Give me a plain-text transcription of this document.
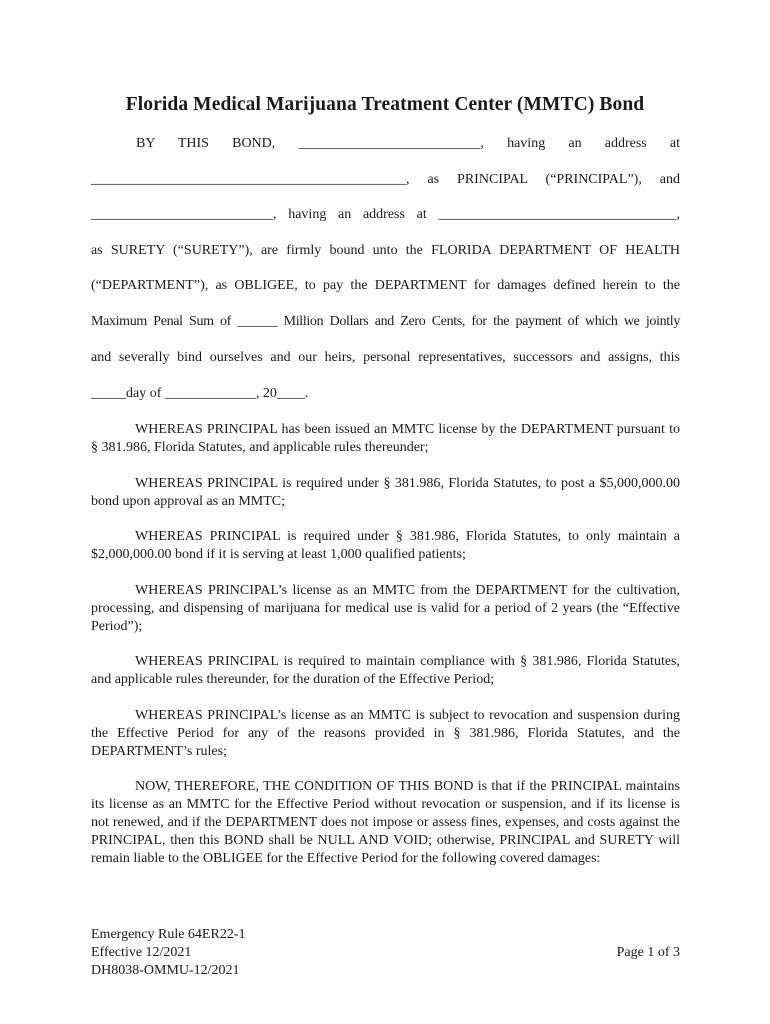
Florida Medical Marijuana Treatment Center (MMTC) Bond
BY THIS BOND, __________________________, having an address at
_____________________________________________, as PRINCIPAL (“PRINCIPAL”), and
__________________________, having an address at __________________________________,
as SURETY (“SURETY”), are firmly bound unto the FLORIDA DEPARTMENT OF HEALTH
(“DEPARTMENT”), as OBLIGEE, to pay the DEPARTMENT for damages defined herein to the
Maximum Penal Sum of ______ Million Dollars and Zero Cents, for the payment of which we jointly
and severally bind ourselves and our heirs, personal representatives, successors and assigns, this
_____day of _____________, 20____.
WHEREAS PRINCIPAL has been issued an MMTC license by the DEPARTMENT pursuant to § 381.986, Florida Statutes, and applicable rules thereunder;
WHEREAS PRINCIPAL is required under § 381.986, Florida Statutes, to post a $5,000,000.00 bond upon approval as an MMTC;
WHEREAS PRINCIPAL is required under § 381.986, Florida Statutes, to only maintain a $2,000,000.00 bond if it is serving at least 1,000 qualified patients;
WHEREAS PRINCIPAL’s license as an MMTC from the DEPARTMENT for the cultivation, processing, and dispensing of marijuana for medical use is valid for a period of 2 years (the “Effective Period”);
WHEREAS PRINCIPAL is required to maintain compliance with § 381.986, Florida Statutes, and applicable rules thereunder, for the duration of the Effective Period;
WHEREAS PRINCIPAL’s license as an MMTC is subject to revocation and suspension during the Effective Period for any of the reasons provided in § 381.986, Florida Statutes, and the DEPARTMENT’s rules;
NOW, THEREFORE, THE CONDITION OF THIS BOND is that if the PRINCIPAL maintains its license as an MMTC for the Effective Period without revocation or suspension, and if its license is not renewed, and if the DEPARTMENT does not impose or assess fines, expenses, and costs against the PRINCIPAL, then this BOND shall be NULL AND VOID; otherwise, PRINCIPAL and SURETY will remain liable to the OBLIGEE for the Effective Period for the following covered damages:
Emergency Rule 64ER22-1
Effective 12/2021
DH8038-OMMU-12/2021
Page 1 of 3
